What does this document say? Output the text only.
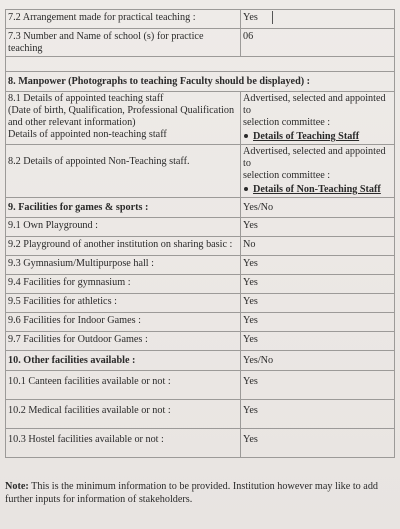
7.2 Arrangement made for practical teaching :	Yes
7.3 Number and Name of school (s) for practice teaching	06

8. Manpower (Photographs to teaching Faculty should be displayed) :	

8.1 Details of appointed teaching staff
(Date of birth, Qualification, Professional Qualification
and other relevant information)
Details of appointed non-teaching staff	Advertised, selected and appointed to
selection committee :
Details of Teaching Staff

8.2 Details of appointed Non-Teaching staff.	Advertised, selected and appointed to
selection committee :
Details of Non-Teaching Staff

9. Facilities for games & sports :	Yes/No
9.1 Own Playground :	Yes
9.2 Playground of another institution on sharing basic :	No
9.3 Gymnasium/Multipurpose hall :	Yes
9.4 Facilities for gymnasium :	Yes
9.5 Facilities for athletics :	Yes
9.6 Facilities for Indoor Games :	Yes
9.7 Facilities for Outdoor Games :	Yes
10. Other facilities available :	Yes/No
10.1 Canteen facilities available or not :	Yes
10.2 Medical facilities available or not :	Yes
10.3 Hostel facilities available or not :	Yes
Note: This is the minimum information to be provided. Institution however may like to add further inputs for information of stakeholders.
